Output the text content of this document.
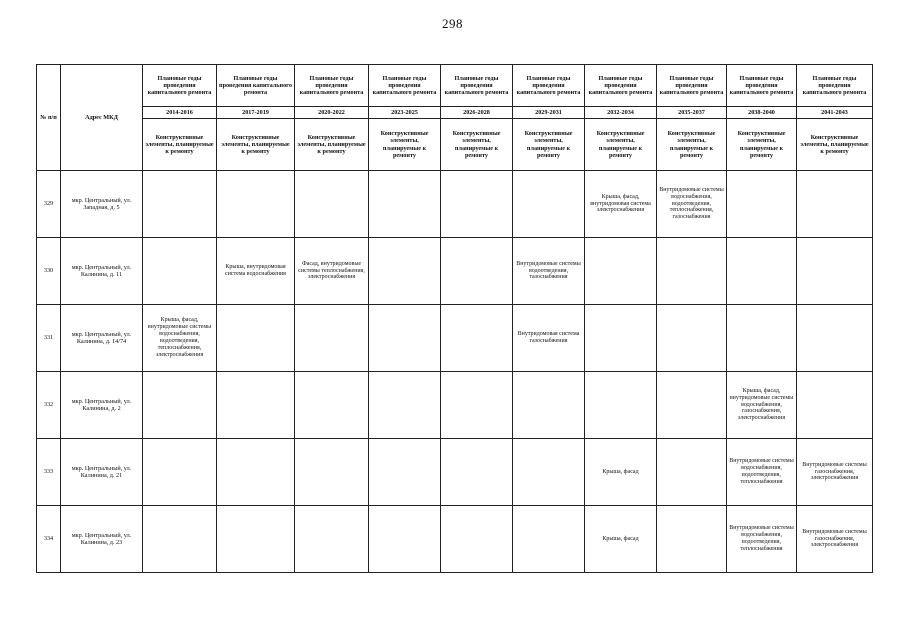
298
№ п/п	Адрес МКД	Плановые годы проведения капитального ремонта	Плановые годы проведения капитального ремонта	Плановые годы проведения капитального ремонта	Плановые годы проведения капитального ремонта	Плановые годы проведения капитального ремонта	Плановые годы проведения капитального ремонта	Плановые годы проведения капитального ремонта	Плановые годы проведения капитального ремонта	Плановые годы проведения капитального ремонта	Плановые годы проведения капитального ремонта
		2014-2016	2017-2019	2020-2022	2023-2025	2026-2028	2029-2031	2032-2034	2035-2037	2038-2040	2041-2043
		Конструктивные элементы, планируемые к ремонту	Конструктивные элементы, планируемые к ремонту	Конструктивные элементы, планируемые к ремонту	Конструктивные элементы, планируемые к ремонту	Конструктивные элементы, планируемые к ремонту	Конструктивные элементы, планируемые к ремонту	Конструктивные элементы, планируемые к ремонту	Конструктивные элементы, планируемые к ремонту	Конструктивные элементы, планируемые к ремонту	Конструктивные элементы, планируемые к ремонту
329	мкр. Центральный, ул. Западная, д. 5							Крыша, фасад, внутридомовая система электроснабжения	Внутридомовые системы водоснабжения, водоотведения, теплоснабжения, газоснабжения		
330	мкр. Центральный, ул. Калинина, д. 11		Крыша, внутридомовая система водоснабжения	Фасад, внутридомовые системы теплоснабжения, электроснабжения			Внутридомовые системы водоотведения, газоснабжения				
331	мкр. Центральный, ул. Калинина, д. 14/74	Крыша, фасад, внутридомовые системы водоснабжения, водоотведения, теплоснабжения, электроснабжения					Внутридомовая система газоснабжения				
332	мкр. Центральный, ул. Калинина, д. 2									Крыша, фасад, внутридомовые системы водоснабжения, газоснабжения, электроснабжения	
333	мкр. Центральный, ул. Калинина, д. 21							Крыша, фасад		Внутридомовые системы водоснабжения, водоотведения, теплоснабжения	Внутридомовые системы газоснабжения, электроснабжения
334	мкр. Центральный, ул. Калинина, д. 23							Крыша, фасад		Внутридомовые системы водоснабжения, водоотведения, теплоснабжения	Внутридомовые системы газоснабжения, электроснабжения
